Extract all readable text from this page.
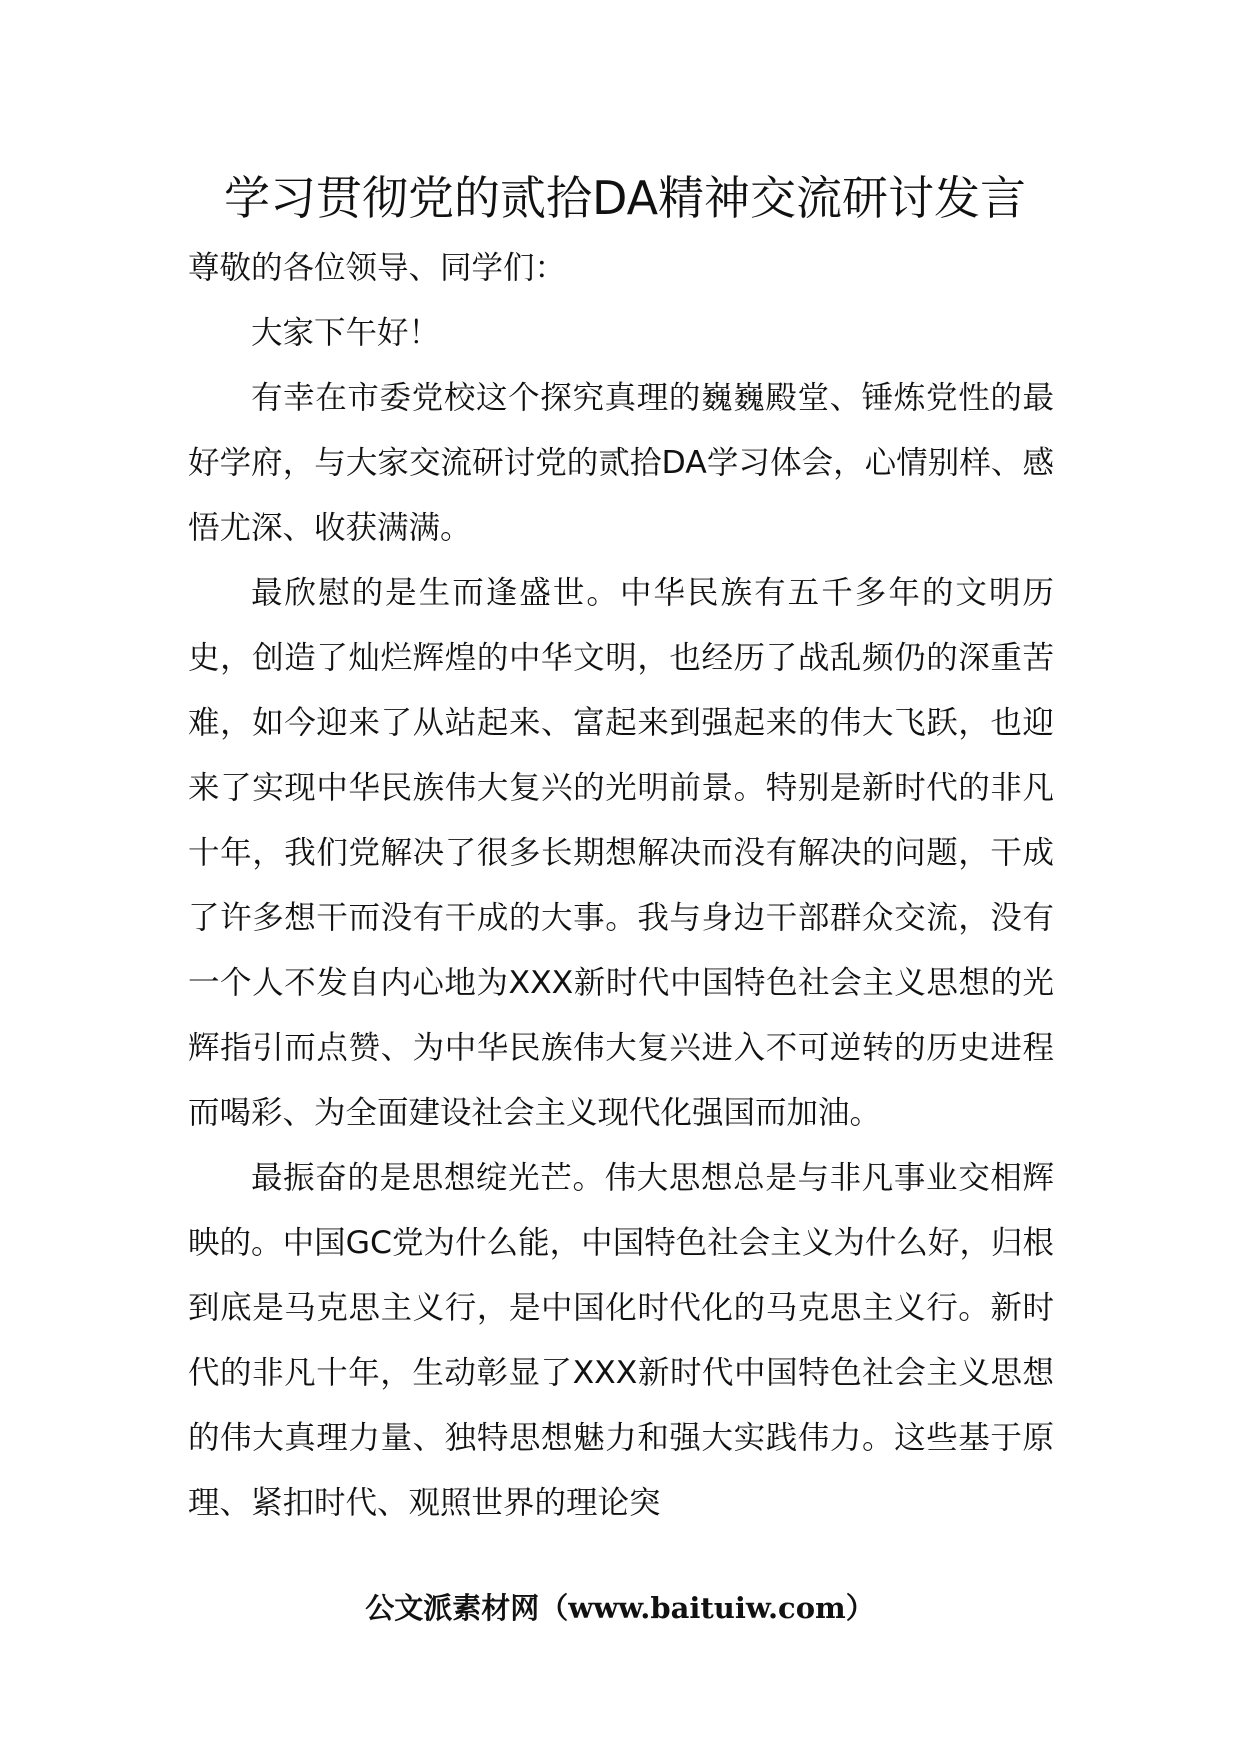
学习贯彻党的贰拾DA精神交流研讨发言

尊敬的各位领导、同学们：

大家下午好！

有幸在市委党校这个探究真理的巍巍殿堂、锤炼党性的最好学府，与大家交流研讨党的贰拾DA学习体会，心情别样、感悟尤深、收获满满。

最欣慰的是生而逢盛世。中华民族有五千多年的文明历史，创造了灿烂辉煌的中华文明，也经历了战乱频仍的深重苦难，如今迎来了从站起来、富起来到强起来的伟大飞跃，也迎来了实现中华民族伟大复兴的光明前景。特别是新时代的非凡十年，我们党解决了很多长期想解决而没有解决的问题，干成了许多想干而没有干成的大事。我与身边干部群众交流，没有一个人不发自内心地为XXX新时代中国特色社会主义思想的光辉指引而点赞、为中华民族伟大复兴进入不可逆转的历史进程而喝彩、为全面建设社会主义现代化强国而加油。

最振奋的是思想绽光芒。伟大思想总是与非凡事业交相辉映的。中国GC党为什么能，中国特色社会主义为什么好，归根到底是马克思主义行，是中国化时代化的马克思主义行。新时代的非凡十年，生动彰显了XXX新时代中国特色社会主义思想的伟大真理力量、独特思想魅力和强大实践伟力。这些基于原理、紧扣时代、观照世界的理论突

公文派素材网（www.baituiw.com）
